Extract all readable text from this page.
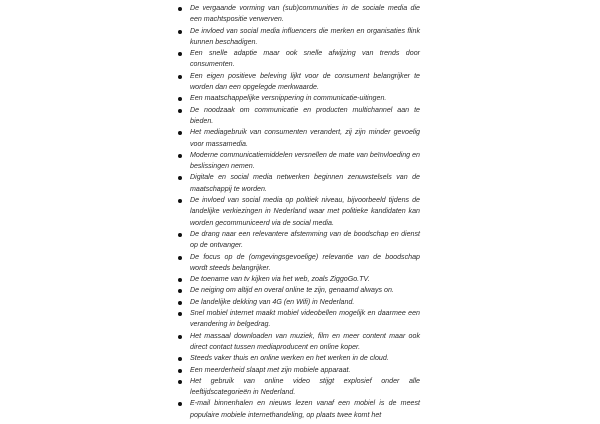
De vergaande vorming van (sub)communities in de sociale media die een machtspositie verwerven.
De invloed van social media influencers die merken en organisaties flink kunnen beschadigen.
Een snelle adaptie maar ook snelle afwijzing van trends door consumenten.
Een eigen positieve beleving lijkt voor de consument belangrijker te worden dan een opgelegde merkwaarde.
Een maatschappelijke versnippering in communicatie-uitingen.
De noodzaak om communicatie en producten multichannel aan te bieden.
Het mediagebruik van consumenten verandert, zij zijn minder gevoelig voor massamedia.
Moderne communicatiemiddelen versnellen de mate van beïnvloeding en beslissingen nemen.
Digitale en social media netwerken beginnen zenuwstelsels van de maatschappij te worden.
De invloed van social media op politiek niveau, bijvoorbeeld tijdens de landelijke verkiezingen in Nederland waar met politieke kandidaten kan worden gecommuniceerd via de social media.
De drang naar een relevantere afstemming van de boodschap en dienst op de ontvanger.
De focus op de (omgevingsgevoelige) relevantie van de boodschap wordt steeds belangrijker.
De toename van tv kijken via het web, zoals ZiggoGo.TV.
De neiging om altijd en overal online te zijn, genaamd always on.
De landelijke dekking van 4G (en Wifi) in Nederland.
Snel mobiel internet maakt mobiel videobellen mogelijk en daarmee een verandering in belgedrag.
Het massaal downloaden van muziek, film en meer content maar ook direct contact tussen mediaproducent en online koper.
Steeds vaker thuis en online werken en het werken in de cloud.
Een meerderheid slaapt met zijn mobiele apparaat.
Het gebruik van online video stijgt explosief onder alle leeftijdscategorieën in Nederland.
E-mail binnenhalen en nieuws lezen vanaf een mobiel is de meest populaire mobiele internethandeling, op plaats twee komt het
